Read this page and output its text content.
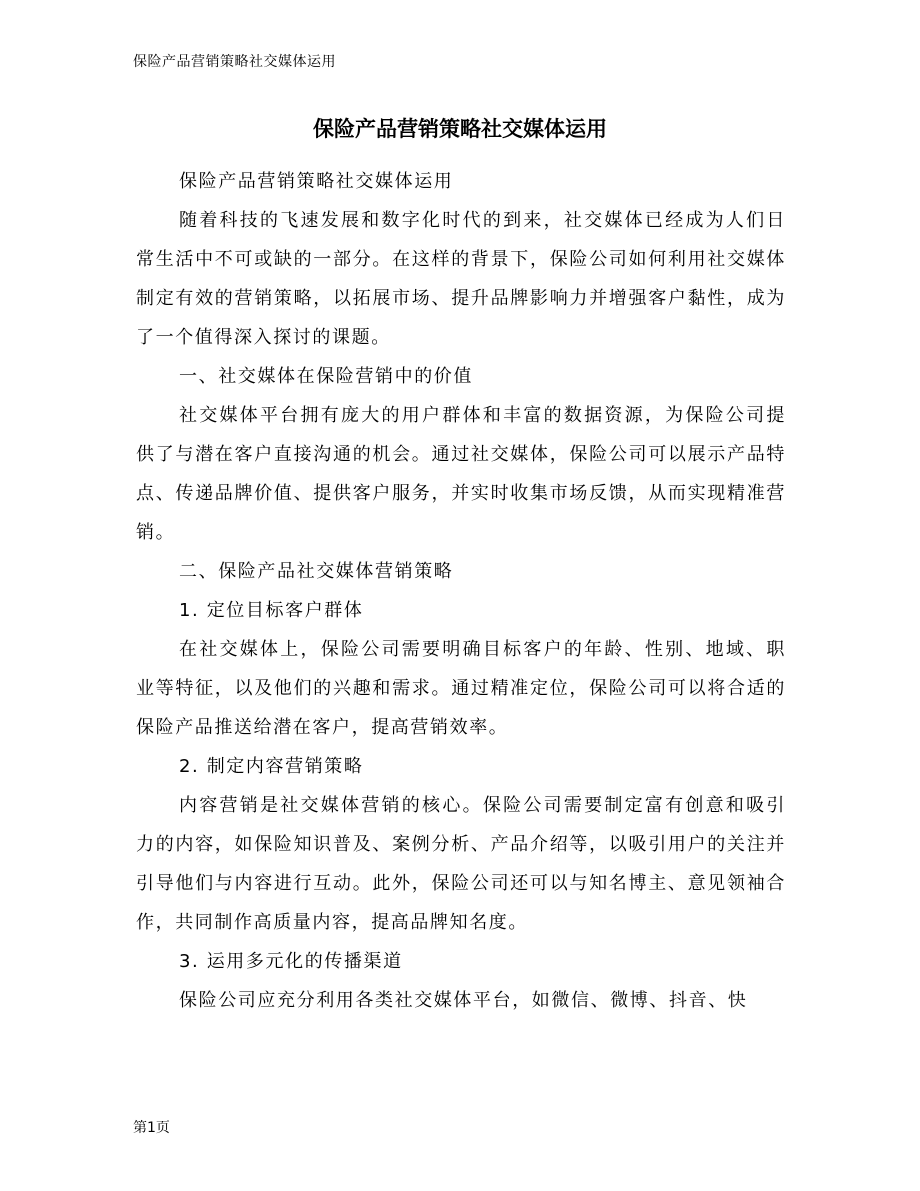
保险产品营销策略社交媒体运用
保险产品营销策略社交媒体运用

保险产品营销策略社交媒体运用

随着科技的飞速发展和数字化时代的到来，社交媒体已经成为人们日常生活中不可或缺的一部分。在这样的背景下，保险公司如何利用社交媒体制定有效的营销策略，以拓展市场、提升品牌影响力并增强客户黏性，成为了一个值得深入探讨的课题。

一、社交媒体在保险营销中的价值

社交媒体平台拥有庞大的用户群体和丰富的数据资源，为保险公司提供了与潜在客户直接沟通的机会。通过社交媒体，保险公司可以展示产品特点、传递品牌价值、提供客户服务，并实时收集市场反馈，从而实现精准营销。

二、保险产品社交媒体营销策略

1. 定位目标客户群体

在社交媒体上，保险公司需要明确目标客户的年龄、性别、地域、职业等特征，以及他们的兴趣和需求。通过精准定位，保险公司可以将合适的保险产品推送给潜在客户，提高营销效率。

2. 制定内容营销策略

内容营销是社交媒体营销的核心。保险公司需要制定富有创意和吸引力的内容，如保险知识普及、案例分析、产品介绍等，以吸引用户的关注并引导他们与内容进行互动。此外，保险公司还可以与知名博主、意见领袖合作，共同制作高质量内容，提高品牌知名度。

3. 运用多元化的传播渠道

保险公司应充分利用各类社交媒体平台，如微信、微博、抖音、快

第1页
